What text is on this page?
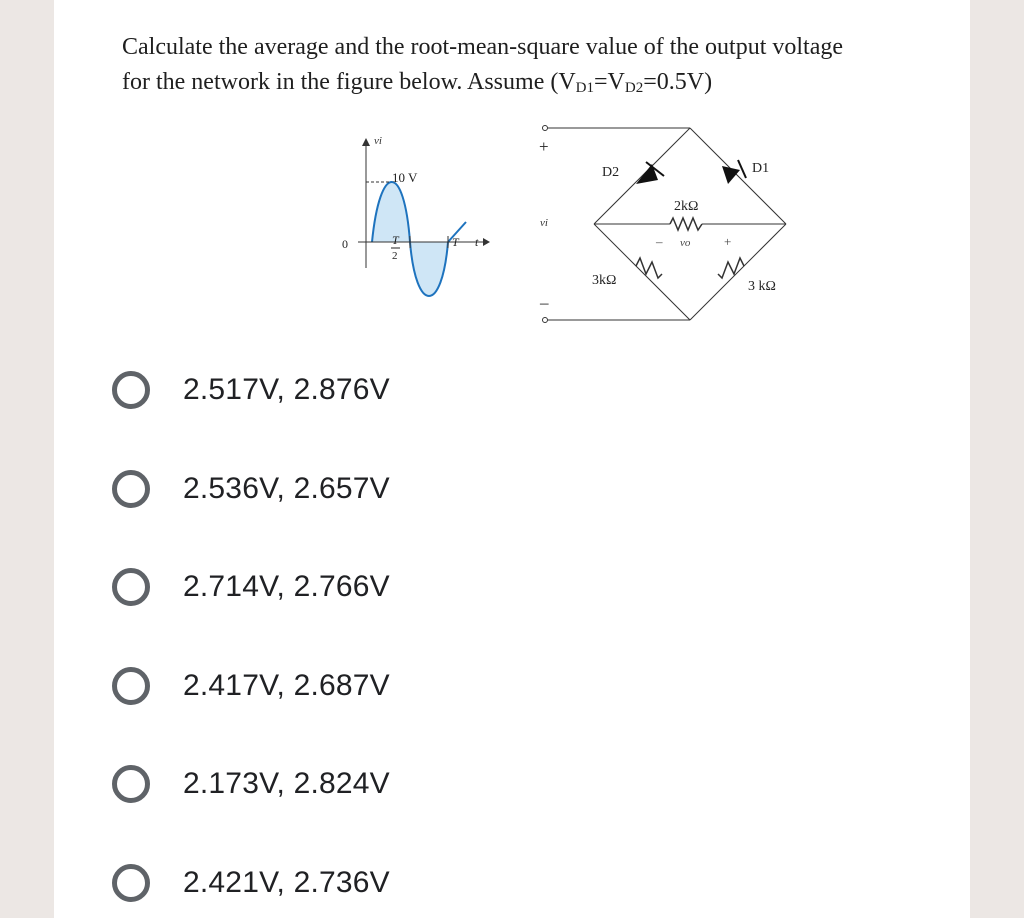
Calculate the average and the root-mean-square value of the output voltage
for the network in the figure below. Assume $(V_{D1}=V_{D2}=0.5V)$

vi
10 V
0	T
2
T t
+
vi
–
D2	D1
2kΩ
– vo	+
3kΩ	3 kΩ
2.517V, 2.876V
2.536V, 2.657V
2.714V, 2.766V
2.417V, 2.687V
2.173V, 2.824V
2.421V, 2.736V
